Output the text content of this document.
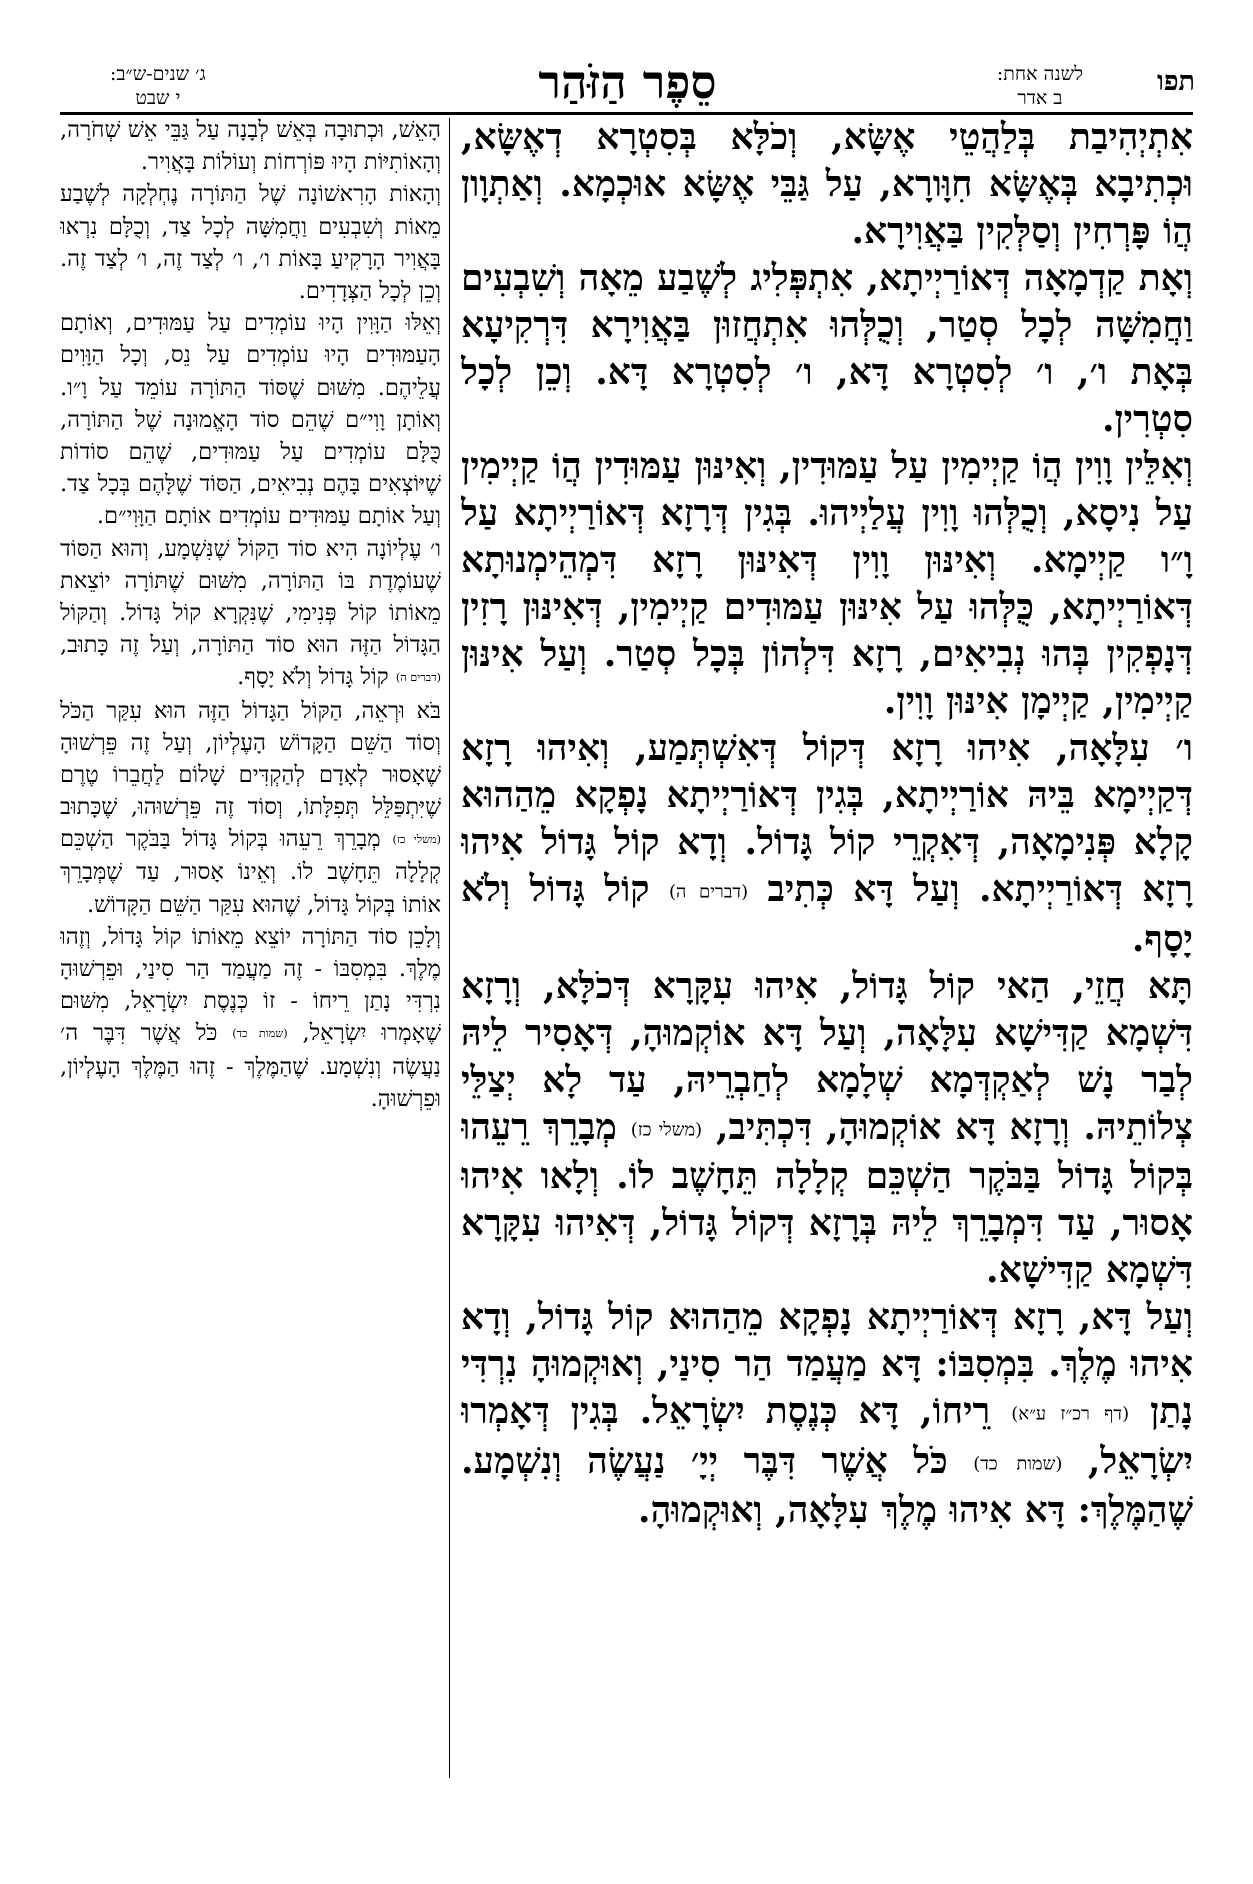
תפו
לשנה אחת:
ב אדר
סֵפֶר הַזֹּהַר
ג׳ שנים-ש״ב:
י שבט

אִתְיְהִיבַת בְּלַהֲטֵי אֶשָּׂא, וְכֹלָּא בְּסִטְרָא דְאֶשָּׂא, וּכְתִיבָא בְּאֶשָּׂא חִוָּורָא, עַל גַּבֵּי אֶשָּׂא אוּכְמָא. וְאַתְוָון הֲוֹ פָּרְחִין וְסַלְּקִין בַּאֲוִירָא.

וְאָת קַדְמָאָה דְּאוֹרַיְיתָא, אִתְפְּלִיג לְשֶׁבַע מֵאָה וְשִׁבְעִים וַחֲמִשָּׁה לְכָל סְטַר, וְכֻלְּהוּ אִתְחֲזוּן בַּאֲוִירָא דִּרְקִיעָא בְּאָת ו׳, ו׳ לְסִטְרָא דָּא, ו׳ לְסִטְרָא דָּא. וְכֵן לְכָל סִטְרִין.

וְאִלֵּין וָוִין הֲוֹ קַיְימִין עַל עַמּוּדִין, וְאִינּוּן עַמּוּדִין הֲוֹ קַיְימִין עַל נִיסָא, וְכֻלְּהוּ וָוִין עֲלַיְיהוּ. בְּגִין דְּרָזָא דְּאוֹרַיְיתָא עַל וָ״ו קַיְימָא. וְאִינּוּן וָוִין דְּאִינּוּן רָזָא דִּמְהֵימְנוּתָא דְּאוֹרַיְיתָא, כֻּלְּהוּ עַל אִינּוּן עַמּוּדִים קַיְימִין, דְּאִינּוּן רָזִין דְּנָפְקִין בְּהוּ נְבִיאִים, רָזָא דִּלְהוֹן בְּכָל סְטַר. וְעַל אִינּוּן קַיְימִין, קַיְימָן אִינּוּן וָוִין.

ו׳ עִלָּאָה, אִיהוּ רָזָא דְּקוֹל דְּאִשְׁתְּמַע, וְאִיהוּ רָזָא דְּקַיְימָא בֵּיהּ אוֹרַיְיתָא, בְּגִין דְּאוֹרַיְיתָא נָפְקָא מֵהַהוּא קָלָא פְּנִימָאָה, דְּאִקְרֵי קוֹל גָּדוֹל. וְדָא קוֹל גָּדוֹל אִיהוּ רָזָא דְּאוֹרַיְיתָא. וְעַל דָּא כְּתִיב (דברים ה) קוֹל גָּדוֹל וְלֹא יָסָף.

תָּא חֲזֵי, הַאי קוֹל גָּדוֹל, אִיהוּ עִקָּרָא דְּכֹלָּא, וְרָזָא דִּשְׁמָא קַדִּישָׁא עִלָּאָה, וְעַל דָּא אוֹקְמוּהָ, דְּאָסִיר לֵיהּ לְבַר נָשׁ לְאַקְדְּמָא שְׁלָמָא לְחַבְרֵיהּ, עַד לָא יְצַלֵּי צְלוֹתֵיהּ. וְרָזָא דָּא אוֹקְמוּהָ, דִּכְתִּיב, (משלי כז) מְבָרֵךְ רֵעֵהוּ בְּקוֹל גָּדוֹל בַּבֹּקֶר הַשְׁכֵּם קְלָלָה תֵּחָשֶׁב לוֹ. וְלָאו אִיהוּ אָסוּר, עַד דִּמְבָרֵךְ לֵיהּ בְּרָזָא דְּקוֹל גָּדוֹל, דְּאִיהוּ עִקָּרָא דִּשְׁמָא קַדִּישָׁא.

וְעַל דָּא, רָזָא דְּאוֹרַיְיתָא נָפְקָא מֵהַהוּא קוֹל גָּדוֹל, וְדָא אִיהוּ מֶלֶךְ. בִּמְסִבּוֹ: דָּא מַעֲמַד הַר סִינַי, וְאוּקְמוּהָ נִרְדִּי נָתַן (דף רכ״ז ע״א) רֵיחוֹ, דָּא כְּנֶסֶת יִשְׂרָאֵל. בְּגִין דְּאָמְרוּ יִשְׂרָאֵל, (שמות כד) כֹּל אֲשֶׁר דִּבֶּר יְיָ׳ נַעֲשֶׂה וְנִשְׁמָע. שֶׁהַמֶּלֶךְ: דָּא אִיהוּ מֶלֶךְ עִלָּאָה, וְאוּקְמוּהָ.

הָאֵשׁ, וּכְתוּבָה בְּאֵשׁ לְבָנָה עַל גַּבֵּי אֵשׁ שְׁחֹרָה, וְהָאוֹתִיּוֹת הָיוּ פּוֹרְחוֹת וְעוֹלוֹת בָּאֲוִיר.

וְהָאוֹת הָרִאשׁוֹנָה שֶׁל הַתּוֹרָה נֶחְלְקָה לְשֶׁבַע מֵאוֹת וְשִׁבְעִים וַחֲמִשָּׁה לְכָל צַד, וְכֻלָּם נִרְאוּ בָּאֲוִיר הָרָקִיעַ בָּאוֹת ו׳, ו׳ לְצַד זֶה, ו׳ לְצַד זֶה. וְכֵן לְכָל הַצְּדָדִים.

וְאֵלּוּ הַוָּוִין הָיוּ עוֹמְדִים עַל עַמּוּדִים, וְאוֹתָם הָעַמּוּדִים הָיוּ עוֹמְדִים עַל נֵס, וְכָל הַוָּוִים עֲלֵיהֶם. מִשּׁוּם שֶׁסּוֹד הַתּוֹרָה עוֹמֵד עַל וָ״ו. וְאוֹתָן וָוִי״ם שֶׁהֵם סוֹד הָאֱמוּנָה שֶׁל הַתּוֹרָה, כֻּלָּם עוֹמְדִים עַל עַמּוּדִים, שֶׁהֵם סוֹדוֹת שֶׁיּוֹצְאִים בָּהֶם נְבִיאִים, הַסּוֹד שֶׁלָּהֶם בְּכָל צַד. וְעַל אוֹתָם עַמּוּדִים עוֹמְדִים אוֹתָם הַוָּוִי״ם.

ו׳ עֶלְיוֹנָה הִיא סוֹד הַקּוֹל שֶׁנִּשְׁמָע, וְהוּא הַסּוֹד שֶׁעוֹמֶדֶת בּוֹ הַתּוֹרָה, מִשּׁוּם שֶׁתּוֹרָה יוֹצֵאת מֵאוֹתוֹ קוֹל פְּנִימִי, שֶׁנִּקְרָא קוֹל גָּדוֹל. וְהַקּוֹל הַגָּדוֹל הַזֶּה הוּא סוֹד הַתּוֹרָה, וְעַל זֶה כָּתוּב, (דברים ה) קוֹל גָּדוֹל וְלֹא יָסָף.

בֹּא וּרְאֵה, הַקּוֹל הַגָּדוֹל הַזֶּה הוּא עִקַּר הַכֹּל וְסוֹד הַשֵּׁם הַקָּדוֹשׁ הָעֶלְיוֹן, וְעַל זֶה פֵּרְשׁוּהָ שֶׁאָסוּר לְאָדָם לְהַקְדִּים שָׁלוֹם לַחֲבֵרוֹ טֶרֶם שֶׁיִּתְפַּלֵּל תְּפִלָּתוֹ, וְסוֹד זֶה פֵּרְשׁוּהוּ, שֶׁכָּתוּב (משלי כז) מְבָרֵךְ רֵעֵהוּ בְּקוֹל גָּדוֹל בַּבֹּקֶר הַשְׁכֵּם קְלָלָה תֵּחָשֶׁב לוֹ. וְאֵינוֹ אָסוּר, עַד שֶׁמְּבָרֵךְ אוֹתוֹ בְּקוֹל גָּדוֹל, שֶׁהוּא עִקַּר הַשֵּׁם הַקָּדוֹשׁ.

וְלָכֵן סוֹד הַתּוֹרָה יוֹצֵא מֵאוֹתוֹ קוֹל גָּדוֹל, וְזֶהוּ מֶלֶךְ. בִּמְסִבּוֹ - זֶה מַעֲמַד הַר סִינַי, וּפֵרְשׁוּהָ נִרְדִּי נָתַן רֵיחוֹ - זוֹ כְּנֶסֶת יִשְׂרָאֵל, מִשּׁוּם שֶׁאָמְרוּ יִשְׂרָאֵל, (שמות כד) כֹּל אֲשֶׁר דִּבֶּר ה׳ נַעֲשֶׂה וְנִשְׁמָע. שֶׁהַמֶּלֶךְ - זֶהוּ הַמֶּלֶךְ הָעֶלְיוֹן, וּפֵרְשׁוּהָ.
